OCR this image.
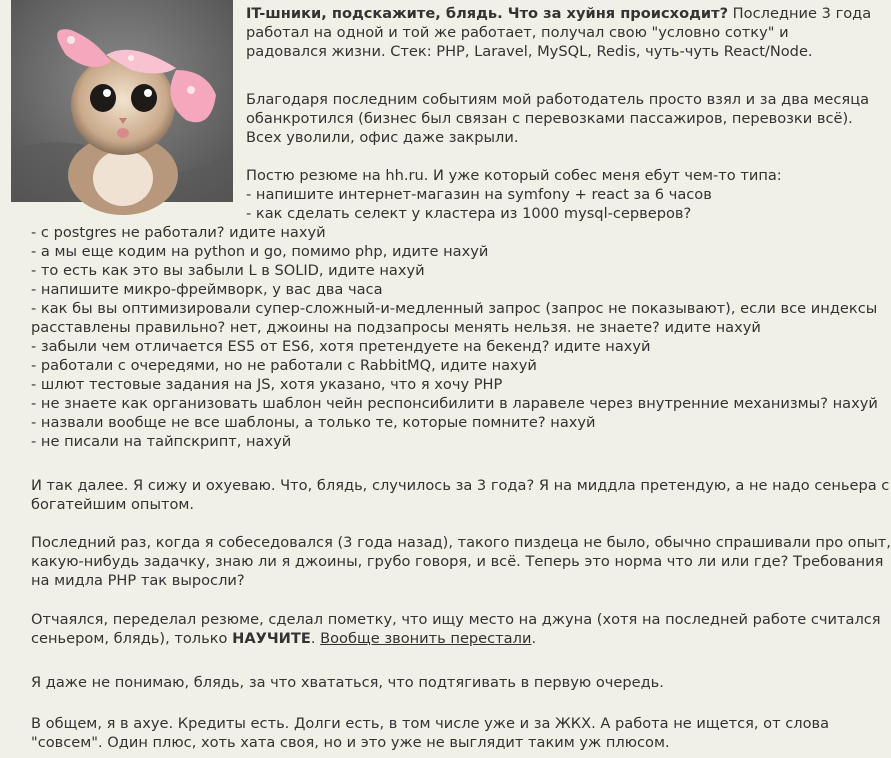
IT-шники, подскажите, блядь. Что за хуйня происходит? Последние 3 года
работал на одной и той же работает, получал свою "условно сотку" и
радовался жизни. Стек: PHP, Laravel, MySQL, Redis, чуть-чуть React/Node.

Благодаря последним событиям мой работодатель просто взял и за два месяца
обанкротился (бизнес был связан с перевозками пассажиров, перевозки всё).
Всех уволили, офис даже закрыли.

Постю резюме на hh.ru. И уже который собес меня ебут чем-то типа:
- напишите интернет-магазин на symfony + react за 6 часов
- как сделать селект у кластера из 1000 mysql-серверов?

- с postgres не работали? идите нахуй
- а мы еще кодим на python и go, помимо php, идите нахуй
- то есть как это вы забыли L в SOLID, идите нахуй
- напишите микро-фреймворк, у вас два часа
- как бы вы оптимизировали супер-сложный-и-медленный запрос (запрос не показывают), если все индексы
расставлены правильно? нет, джоины на подзапросы менять нельзя. не знаете? идите нахуй
- забыли чем отличается ES5 от ES6, хотя претендуете на бекенд? идите нахуй
- работали с очередями, но не работали с RabbitMQ, идите нахуй
- шлют тестовые задания на JS, хотя указано, что я хочу PHP
- не знаете как организовать шаблон чейн респонсибилити в ларавеле через внутренние механизмы? нахуй
- назвали вообще не все шаблоны, а только те, которые помните? нахуй
- не писали на тайпскрипт, нахуй

И так далее. Я сижу и охуеваю. Что, блядь, случилось за 3 года? Я на миддла претендую, а не надо сеньера с
богатейшим опытом.

Последний раз, когда я собеседовался (3 года назад), такого пиздеца не было, обычно спрашивали про опыт,
какую-нибудь задачку, знаю ли я джоины, грубо говоря, и всё. Теперь это норма что ли или где? Требования
на мидла PHP так выросли?

Отчаялся, переделал резюме, сделал пометку, что ищу место на джуна (хотя на последней работе считался
сеньером, блядь), только НАУЧИТЕ. Вообще звонить перестали.

Я даже не понимаю, блядь, за что хвататься, что подтягивать в первую очередь.

В общем, я в ахуе. Кредиты есть. Долги есть, в том числе уже и за ЖКХ. А работа не ищется, от слова
"совсем". Один плюс, хоть хата своя, но и это уже не выглядит таким уж плюсом.
